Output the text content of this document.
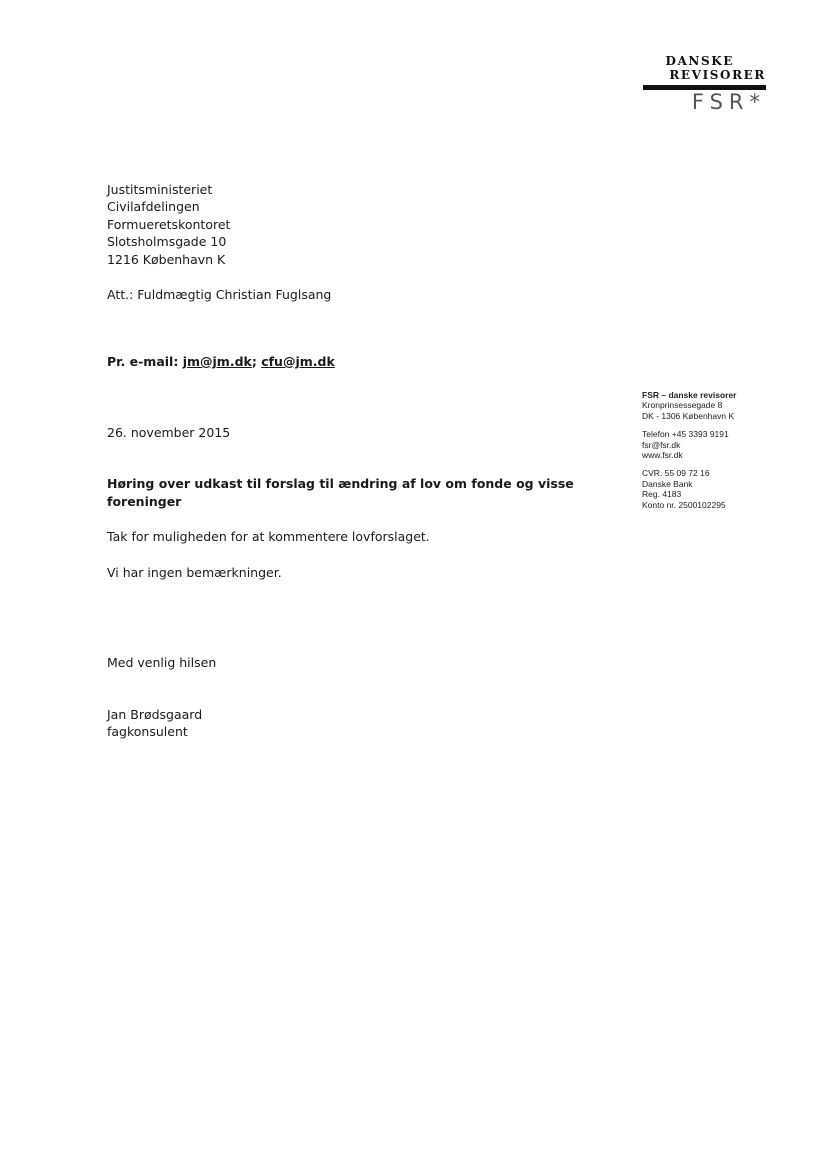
DANSKE
REVISORER
FSR*
Justitsministeriet
Civilafdelingen
Formueretskontoret
Slotsholmsgade 10
1216 København K
Att.: Fuldmægtig Christian Fuglsang
Pr. e-mail: jm@jm.dk; cfu@jm.dk
26. november 2015
Høring over udkast til forslag til ændring af lov om fonde og visse foreninger
Tak for muligheden for at kommentere lovforslaget.
Vi har ingen bemærkninger.
Med venlig hilsen
Jan Brødsgaard
fagkonsulent
FSR – danske revisorer
Kronprinsessegade 8
DK - 1306 København K
Telefon +45 3393 9191
fsr@fsr.dk
www.fsr.dk
CVR. 55 09 72 16
Danske Bank
Reg. 4183
Konto nr. 2500102295
